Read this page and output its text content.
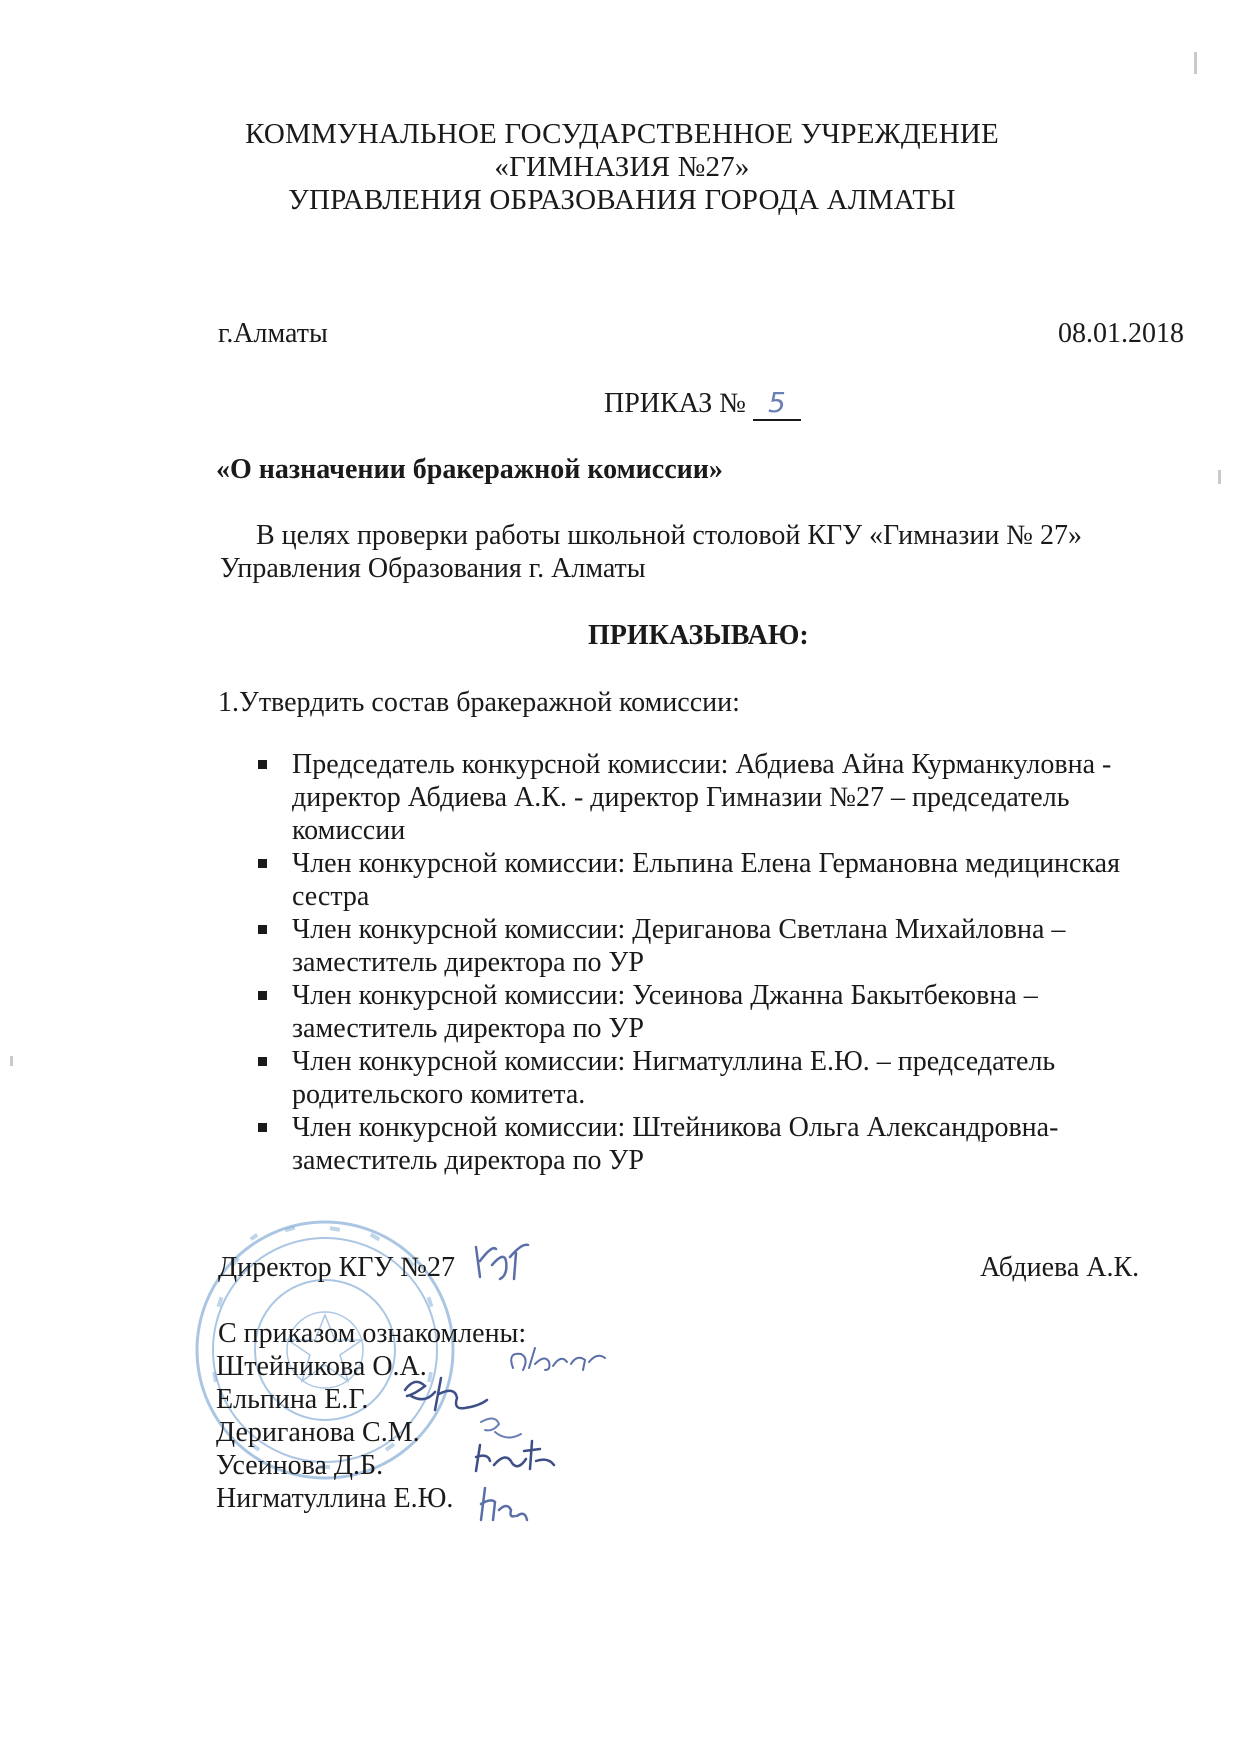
КОММУНАЛЬНОЕ ГОСУДАРСТВЕННОЕ УЧРЕЖДЕНИЕ
«ГИМНАЗИЯ №27»
УПРАВЛЕНИЯ ОБРАЗОВАНИЯ ГОРОДА АЛМАТЫ
г.Алматы	08.01.2018
ПРИКАЗ № 5
«О назначении бракеражной комиссии»
В целях проверки работы школьной столовой КГУ «Гимназии № 27»
Управления Образования г. Алматы
ПРИКАЗЫВАЮ:
1.Утвердить состав бракеражной комиссии:
Председатель конкурсной комиссии: Абдиева Айна Курманкуловна -
директор Абдиева А.К. - директор Гимназии №27 – председатель
комиссии
Член конкурсной комиссии: Ельпина Елена Германовна медицинская
сестра
Член конкурсной комиссии: Дериганова Светлана Михайловна –
заместитель директора по УР
Член конкурсной комиссии: Усеинова Джанна Бакытбековна –
заместитель директора по УР
Член конкурсной комиссии: Нигматуллина Е.Ю. – председатель
родительского комитета.
Член конкурсной комиссии: Штейникова Ольга Александровна-
заместитель директора по УР
Директор КГУ №27	Абдиева А.К.
С приказом ознакомлены:
Штейникова О.А.
Ельпина Е.Г.
Дериганова С.М.
Усеинова Д.Б.
Нигматуллина Е.Ю.
